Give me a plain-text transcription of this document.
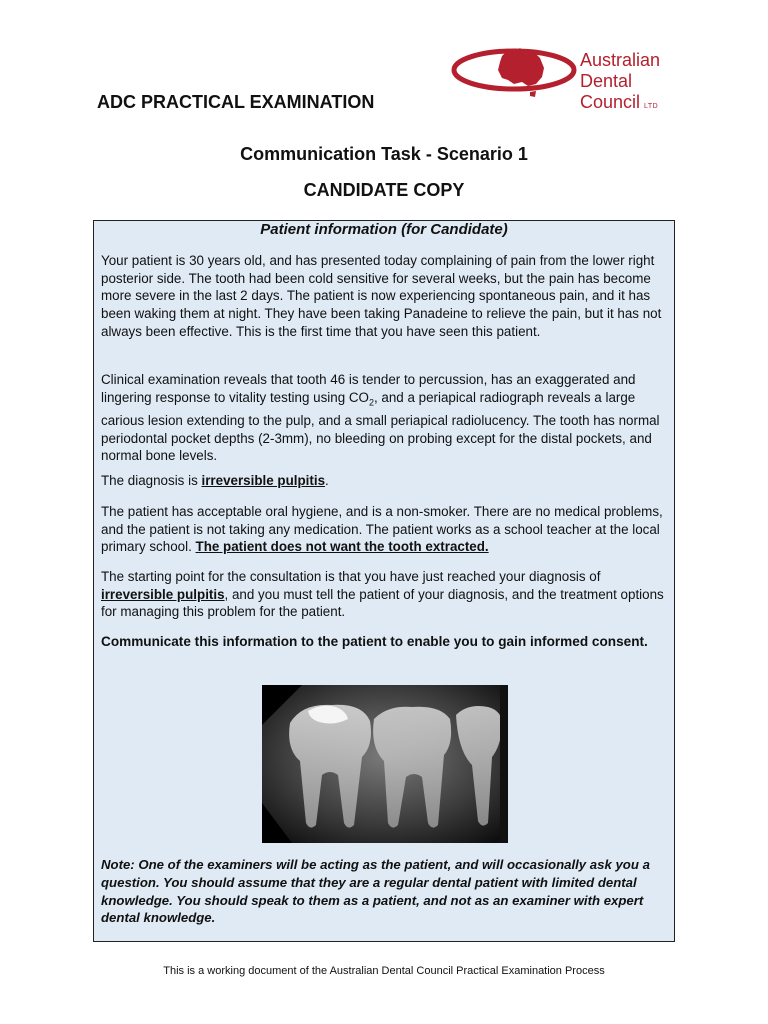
Australian
Dental
Council LTD
ADC PRACTICAL EXAMINATION
Communication Task - Scenario 1
CANDIDATE COPY
Patient information (for Candidate)

Your patient is 30 years old, and has presented today complaining of pain from the lower right posterior side. The tooth had been cold sensitive for several weeks, but the pain has become more severe in the last 2 days. The patient is now experiencing spontaneous pain, and it has been waking them at night. They have been taking Panadeine to relieve the pain, but it has not always been effective. This is the first time that you have seen this patient.

Clinical examination reveals that tooth 46 is tender to percussion, has an exaggerated and lingering response to vitality testing using $CO_2$, and a periapical radiograph reveals a large carious lesion extending to the pulp, and a small periapical radiolucency. The tooth has normal periodontal pocket depths (2-3mm), no bleeding on probing except for the distal pockets, and normal bone levels.

The diagnosis is irreversible pulpitis.

The patient has acceptable oral hygiene, and is a non-smoker. There are no medical problems, and the patient is not taking any medication. The patient works as a school teacher at the local primary school. The patient does not want the tooth extracted.

The starting point for the consultation is that you have just reached your diagnosis of irreversible pulpitis, and you must tell the patient of your diagnosis, and the treatment options for managing this problem for the patient.

Communicate this information to the patient to enable you to gain informed consent.

Note: One of the examiners will be acting as the patient, and will occasionally ask you a question. You should assume that they are a regular dental patient with limited dental knowledge. You should speak to them as a patient, and not as an examiner with expert dental knowledge.

This is a working document of the Australian Dental Council Practical Examination Process
